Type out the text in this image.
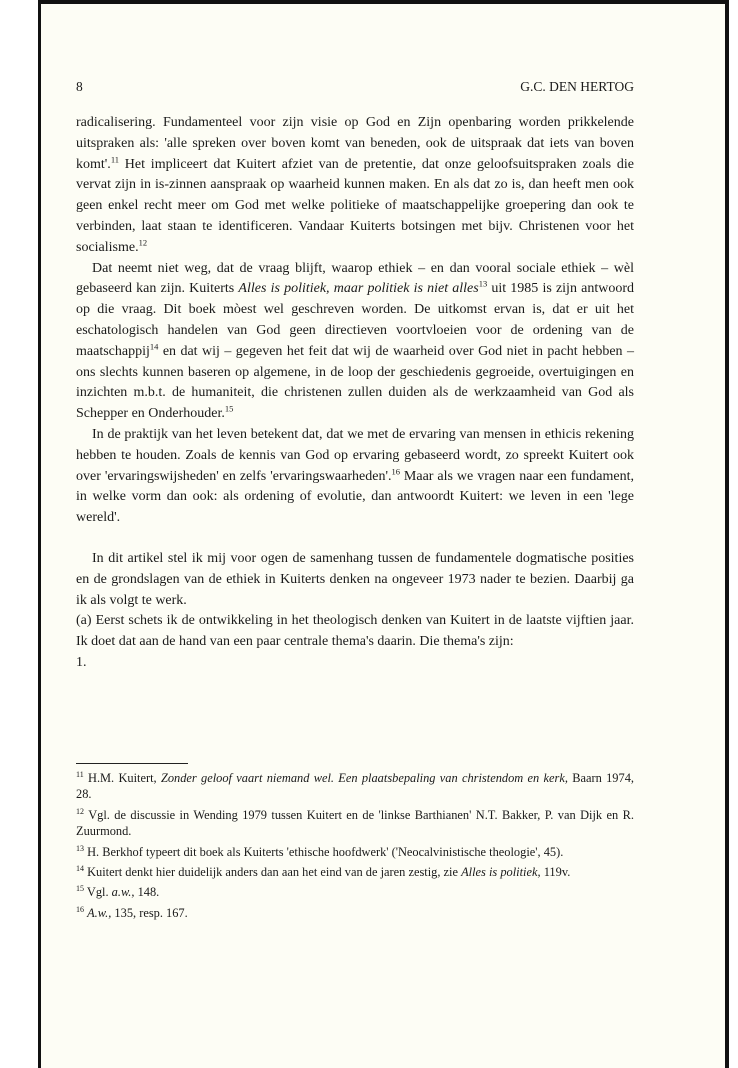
8	G.C. DEN HERTOG

radicalisering. Fundamenteel voor zijn visie op God en Zijn openbaring worden prikkelende uitspraken als: 'alle spreken over boven komt van beneden, ook de uitspraak dat iets van boven komt'.$^{11}$ Het impliceert dat Kuitert afziet van de pretentie, dat onze geloofsuitspraken zoals die vervat zijn in is-zinnen aanspraak op waarheid kunnen maken. En als dat zo is, dan heeft men ook geen enkel recht meer om God met welke politieke of maatschappelijke groepering dan ook te verbinden, laat staan te identificeren. Vandaar Kuiterts botsingen met bijv. Christenen voor het socialisme.$^{12}$

Dat neemt niet weg, dat de vraag blijft, waarop ethiek – en dan vooral sociale ethiek – wèl gebaseerd kan zijn. Kuiterts Alles is politiek, maar politiek is niet alles$^{13}$ uit 1985 is zijn antwoord op die vraag. Dit boek mòest wel geschreven worden. De uitkomst ervan is, dat er uit het eschatologisch handelen van God geen directieven voortvloeien voor de ordening van de maatschappij$^{14}$ en dat wij – gegeven het feit dat wij de waarheid over God niet in pacht hebben – ons slechts kunnen baseren op algemene, in de loop der geschiedenis gegroeide, overtuigingen en inzichten m.b.t. de humaniteit, die christenen zullen duiden als de werkzaamheid van God als Schepper en Onderhouder.$^{15}$

In de praktijk van het leven betekent dat, dat we met de ervaring van mensen in ethicis rekening hebben te houden. Zoals de kennis van God op ervaring gebaseerd wordt, zo spreekt Kuitert ook over 'ervaringswijsheden' en zelfs 'ervaringswaarheden'.$^{16}$ Maar als we vragen naar een fundament, in welke vorm dan ook: als ordening of evolutie, dan antwoordt Kuitert: we leven in een 'lege wereld'.

In dit artikel stel ik mij voor ogen de samenhang tussen de fundamentele dogmatische posities en de grondslagen van de ethiek in Kuiterts denken na ongeveer 1973 nader te bezien. Daarbij ga ik als volgt te werk.

(a) Eerst schets ik de ontwikkeling in het theologisch denken van Kuitert in de laatste vijftien jaar. Ik doet dat aan de hand van een paar centrale thema's daarin. Die thema's zijn:

1.

$^{11}$ H.M. Kuitert, Zonder geloof vaart niemand wel. Een plaatsbepaling van christendom en kerk, Baarn 1974, 28.

$^{12}$ Vgl. de discussie in Wending 1979 tussen Kuitert en de 'linkse Barthianen' N.T. Bakker, P. van Dijk en R. Zuurmond.

$^{13}$ H. Berkhof typeert dit boek als Kuiterts 'ethische hoofdwerk' ('Neocalvinistische theologie', 45).

$^{14}$ Kuitert denkt hier duidelijk anders dan aan het eind van de jaren zestig, zie Alles is politiek, 119v.

$^{15}$ Vgl. a.w., 148.

$^{16}$ A.w., 135, resp. 167.
